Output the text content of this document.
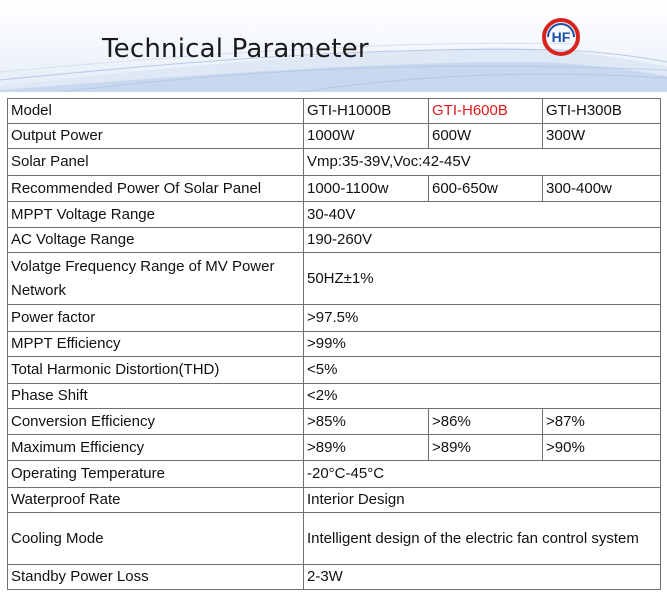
Technical Parameter	HF
Model	GTI-H1000B	GTI-H600B	GTI-H300B
Output Power	1000W	600W	300W
Solar Panel	Vmp:35-39V,Voc:42-45V		
Recommended Power Of Solar Panel	1000-1100w	600-650w	300-400w
MPPT Voltage Range	30-40V		
AC Voltage Range	190-260V		
Volatge Frequency Range of MV Power Network	50HZ±1%		
Power factor	>97.5%		
MPPT Efficiency	>99%		
Total Harmonic Distortion(THD)	<5%		
Phase Shift	<2%		
Conversion Efficiency	>85%	>86%	>87%
Maximum Efficiency	>89%	>89%	>90%
Operating Temperature	-20°C-45°C		
Waterproof Rate	Interior Design		
Cooling Mode	Intelligent design of the electric fan control system		
Standby Power Loss	2-3W		
